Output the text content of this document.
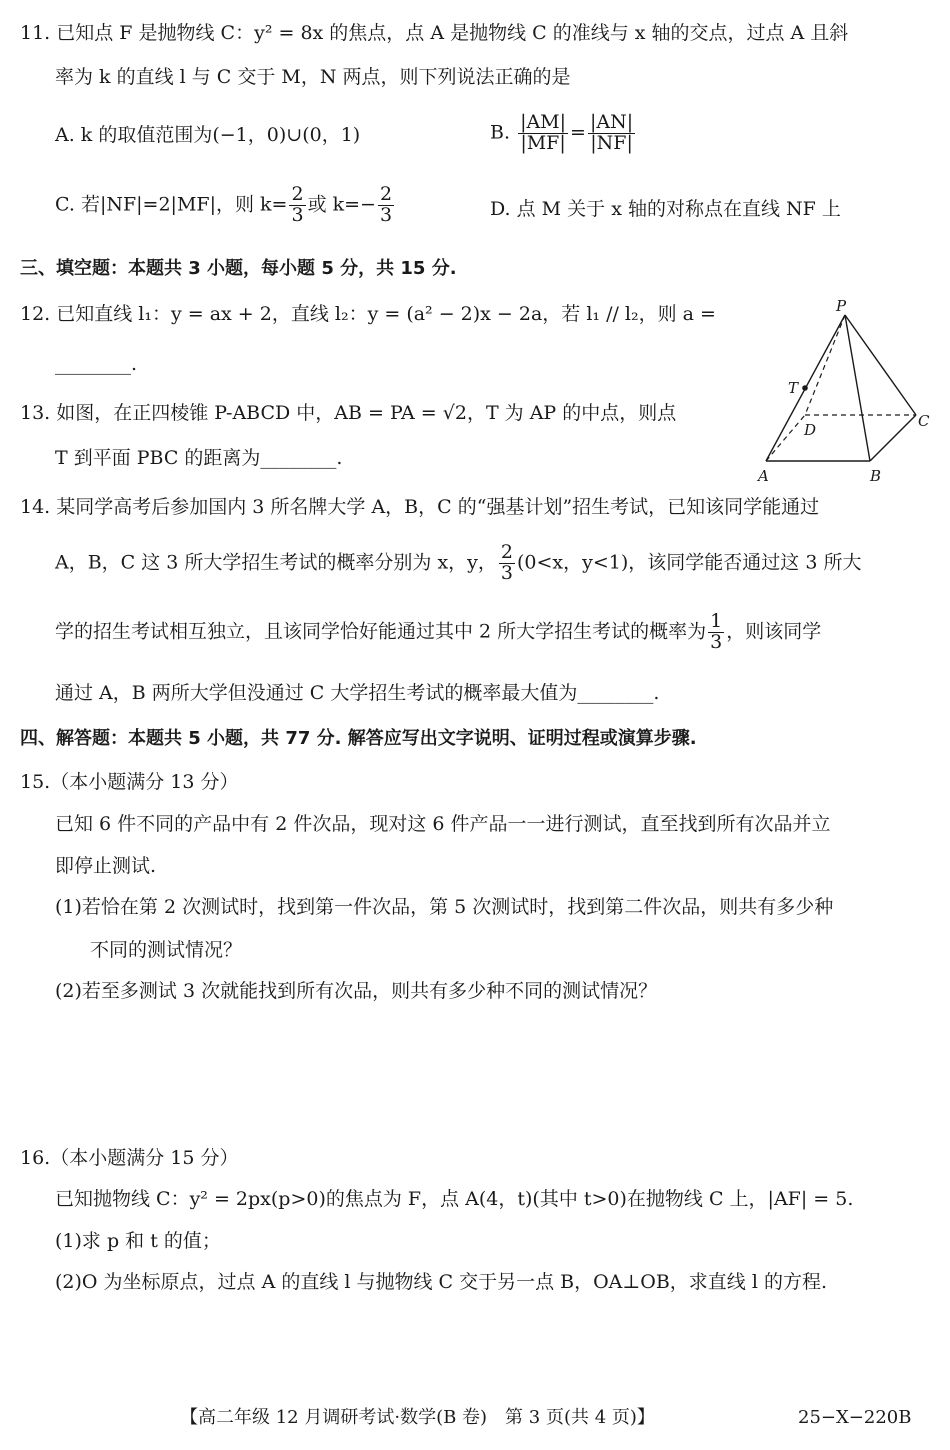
11. 已知点 F 是抛物线 C：y² = 8x 的焦点，点 A 是抛物线 C 的准线与 x 轴的交点，过点 A 且斜
率为 k 的直线 l 与 C 交于 M，N 两点，则下列说法正确的是
A. k 的取值范围为(−1，0)∪(0，1)	B. $\frac{|AM|}{|MF|} = \frac{|AN|}{|NF|}$
C. 若|NF|=2|MF|，则 $k= \frac{2}{3}$ 或 $k=- \frac{2}{3}$	D. 点 M 关于 x 轴的对称点在直线 NF 上
三、填空题：本题共 3 小题，每小题 5 分，共 15 分.
12. 已知直线 l₁：y = ax + 2，直线 l₂：y = (a² − 2)x − 2a，若 l₁ // l₂，则 a =
________.
13. 如图，在正四棱锥 P-ABCD 中，AB = PA = √2，T 为 AP 的中点，则点
T 到平面 PBC 的距离为________.
P
T
D	C
A	B
14. 某同学高考后参加国内 3 所名牌大学 A，B，C 的“强基计划”招生考试，已知该同学能通过
A，B，C 这 3 所大学招生考试的概率分别为 x，y， $\frac{2}{3} (0<x$，y<1)，该同学能否通过这 3 所大
学的招生考试相互独立，且该同学恰好能通过其中 2 所大学招生考试的概率为 $\frac{1}{3}$ ，则该同学
通过 A，B 两所大学但没通过 C 大学招生考试的概率最大值为________.
四、解答题：本题共 5 小题，共 77 分. 解答应写出文字说明、证明过程或演算步骤.
15.（本小题满分 13 分）
已知 6 件不同的产品中有 2 件次品，现对这 6 件产品一一进行测试，直至找到所有次品并立
即停止测试.
(1)若恰在第 2 次测试时，找到第一件次品，第 5 次测试时，找到第二件次品，则共有多少种
不同的测试情况？
(2)若至多测试 3 次就能找到所有次品，则共有多少种不同的测试情况？
16.（本小题满分 15 分）
已知抛物线 C：y² = 2px(p>0)的焦点为 F，点 A(4，t)(其中 t>0)在抛物线 C 上，|AF| = 5.
(1)求 p 和 t 的值；
(2)O 为坐标原点，过点 A 的直线 l 与抛物线 C 交于另一点 B，OA⊥OB，求直线 l 的方程.
【高二年级 12 月调研考试·数学(B 卷)　第 3 页(共 4 页)】	25−X−220B
